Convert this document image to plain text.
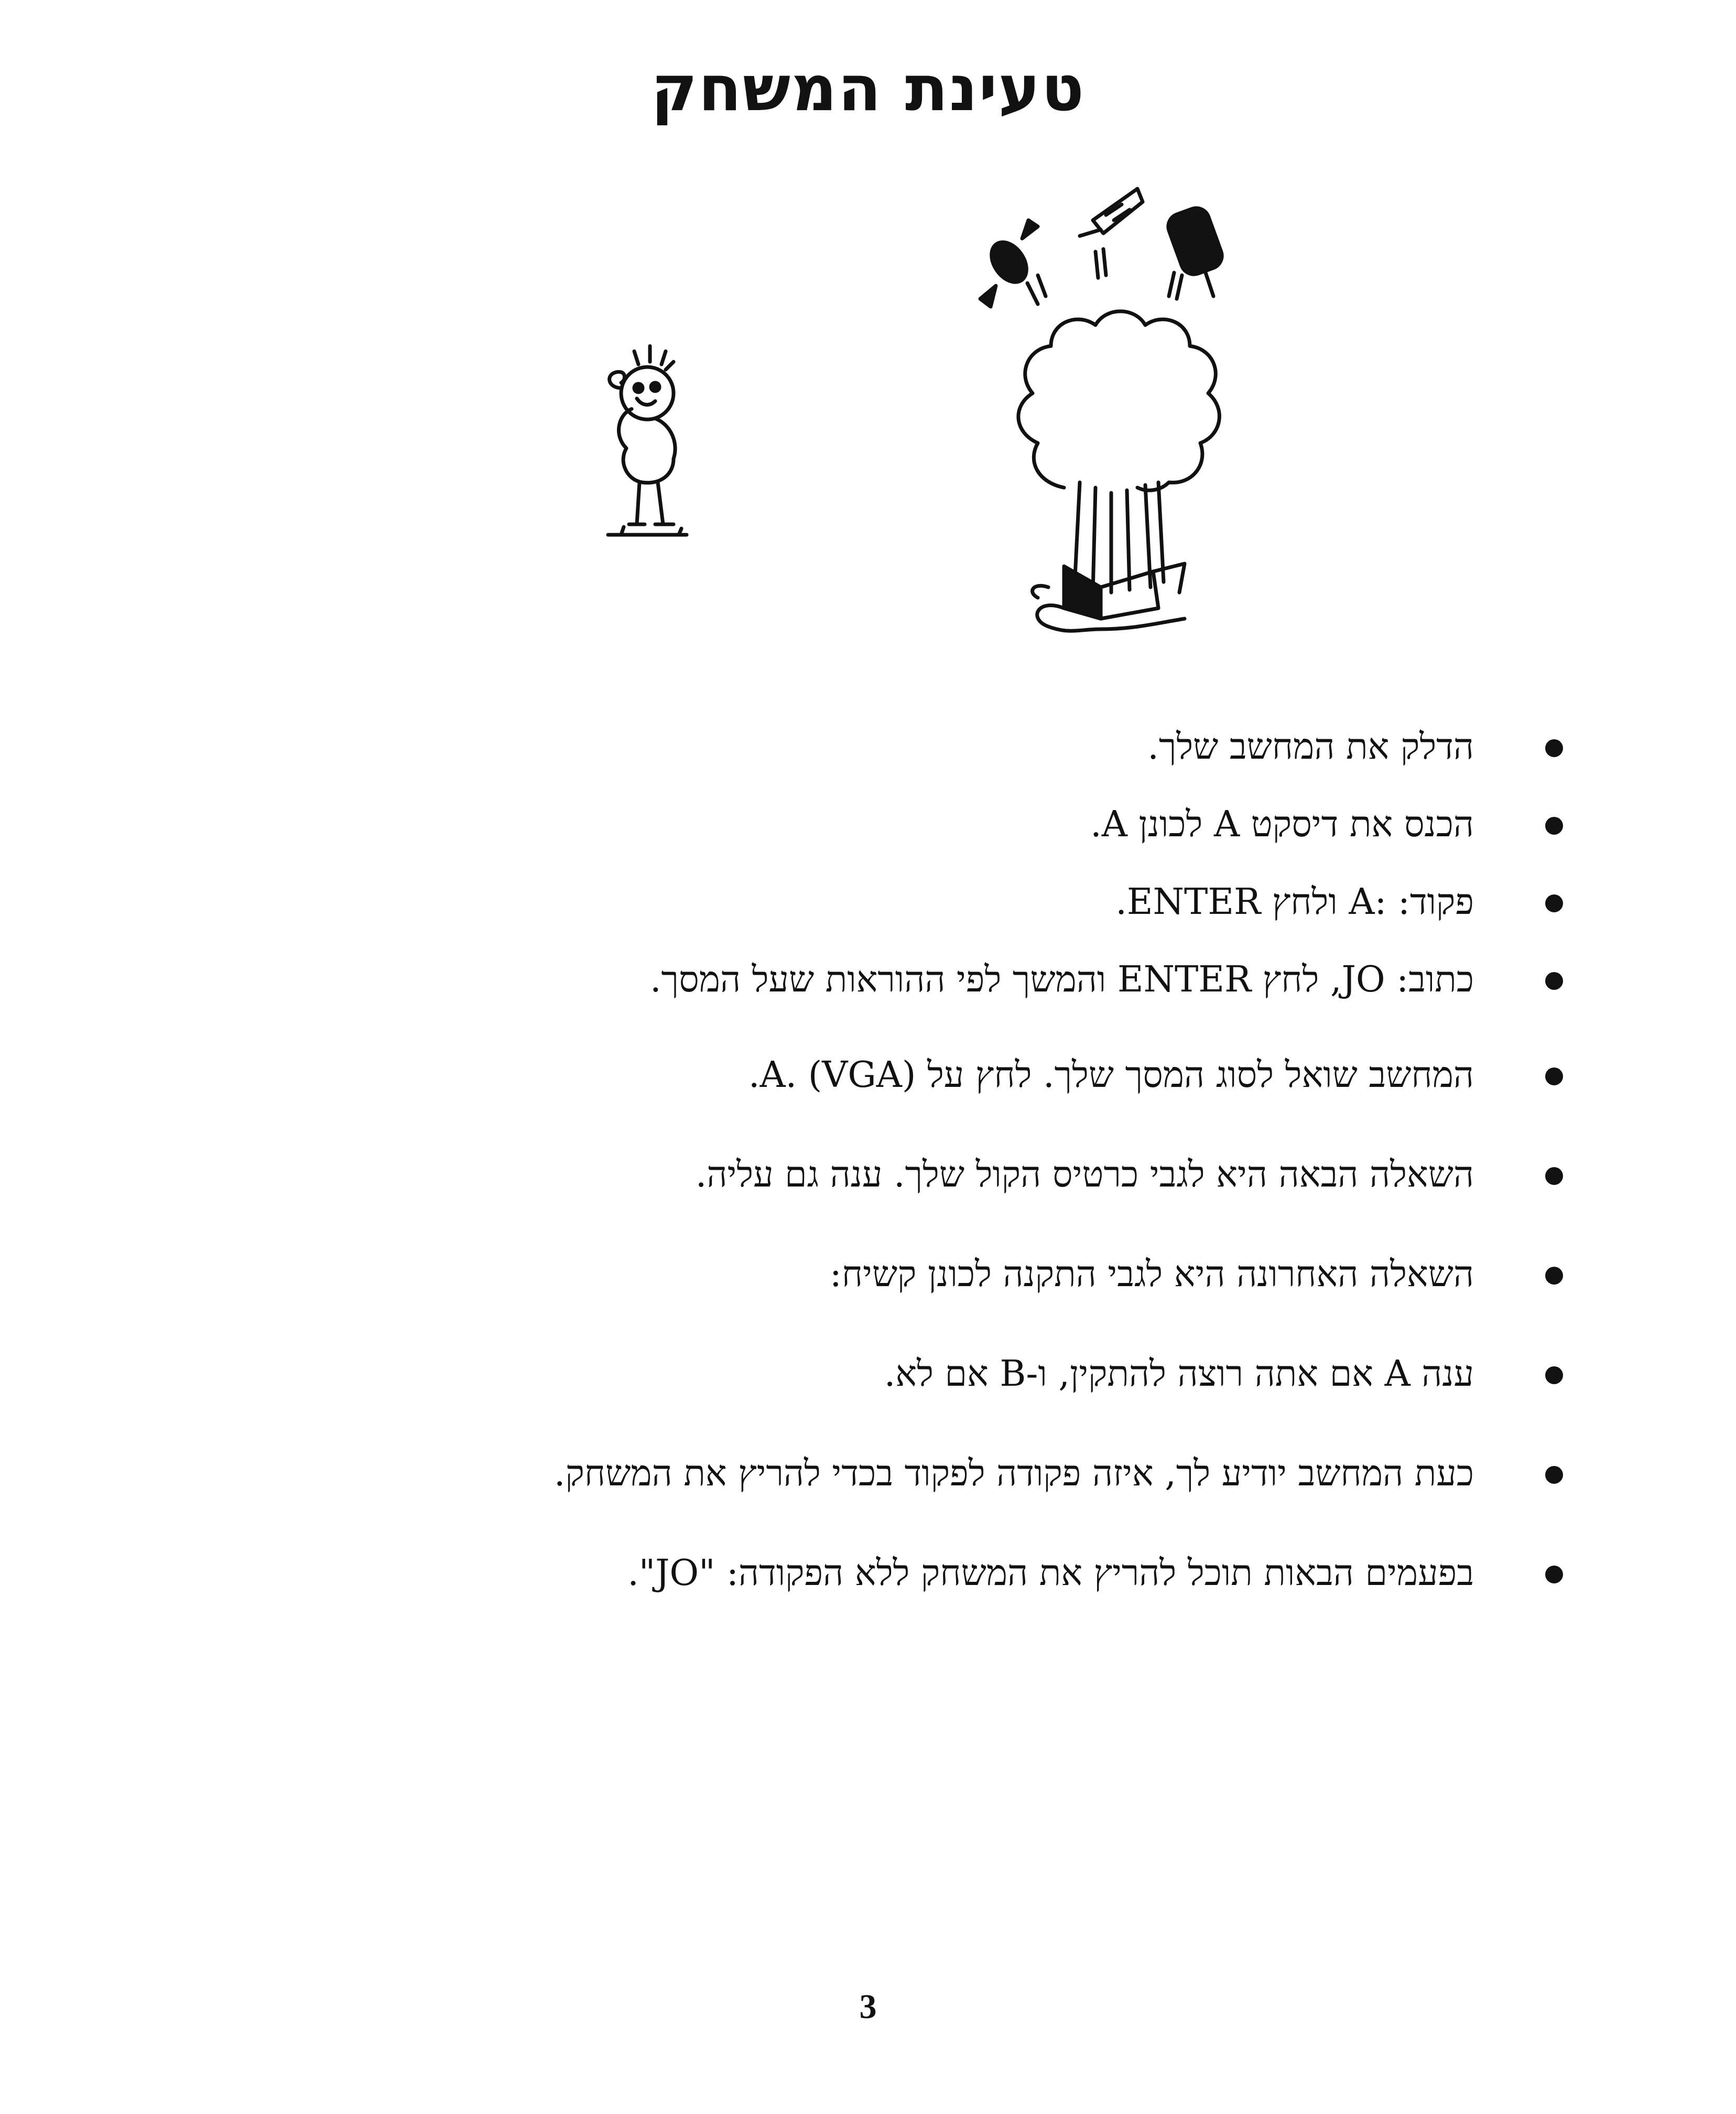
טעינת המשחק
הדלק את המחשב שלך.
הכנס את דיסקט A לכונן A.
פקוד: :A ולחץ ENTER.
כתוב: JO, לחץ ENTER והמשך לפי ההוראות שעל המסך.
המחשב שואל לסוג המסך שלך. לחץ על A. (VGA).
השאלה הבאה היא לגבי כרטיס הקול שלך. ענה גם עליה.
השאלה האחרונה היא לגבי התקנה לכונן קשיח:
ענה A אם אתה רוצה להתקין, ו-B אם לא.
כעת המחשב יודיע לך, איזה פקודה לפקוד בכדי להריץ את המשחק.
בפעמים הבאות תוכל להריץ את המשחק ללא הפקודה: "JO".
3
